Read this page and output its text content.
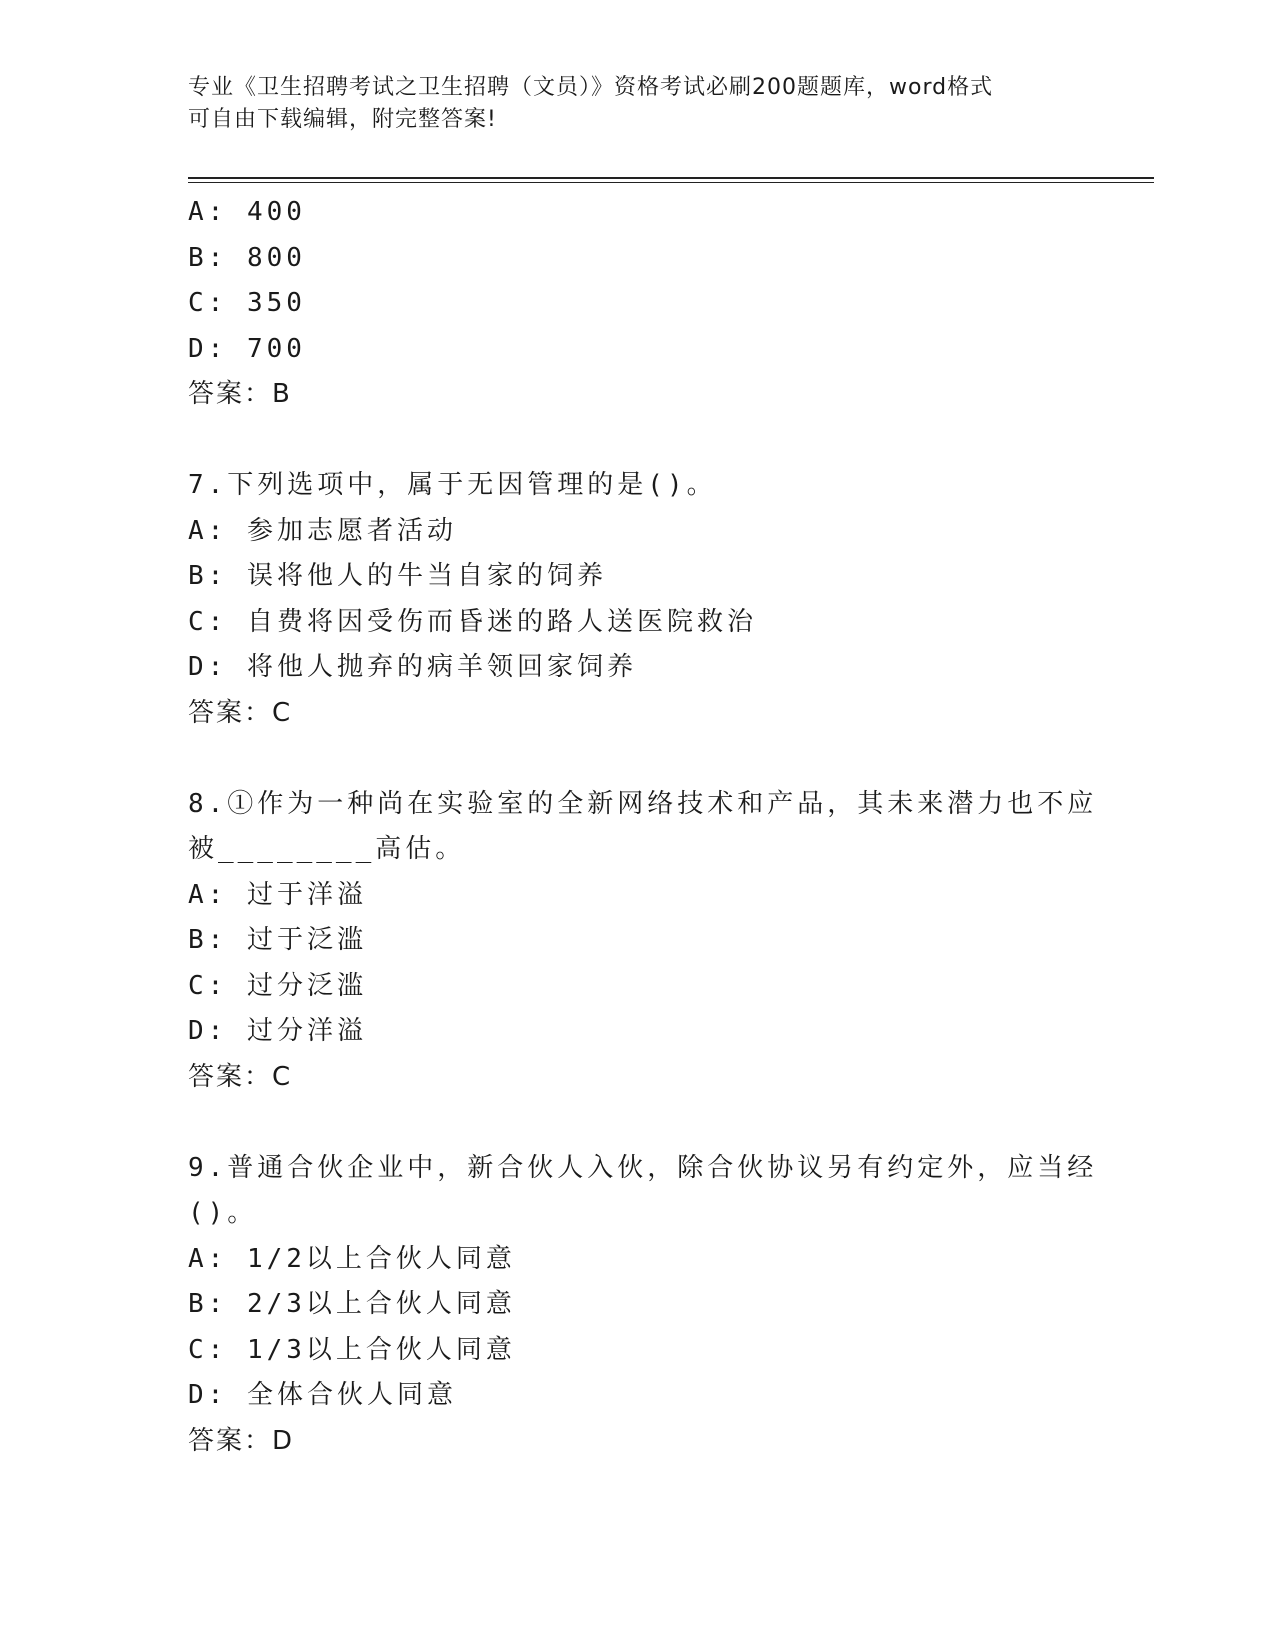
专业《卫生招聘考试之卫生招聘（文员）》资格考试必刷200题题库，word格式
可自由下载编辑，附完整答案!
A: 400
B: 800
C: 350
D: 700
答案：B
7.下列选项中，属于无因管理的是()。
A: 参加志愿者活动
B: 误将他人的牛当自家的饲养
C: 自费将因受伤而昏迷的路人送医院救治
D: 将他人抛弃的病羊领回家饲养
答案：C
8.①作为一种尚在实验室的全新网络技术和产品，其未来潜力也不应
被________高估。
A: 过于洋溢
B: 过于泛滥
C: 过分泛滥
D: 过分洋溢
答案：C
9.普通合伙企业中，新合伙人入伙，除合伙协议另有约定外，应当经
()。
A: 1/2以上合伙人同意
B: 2/3以上合伙人同意
C: 1/3以上合伙人同意
D: 全体合伙人同意
答案：D
